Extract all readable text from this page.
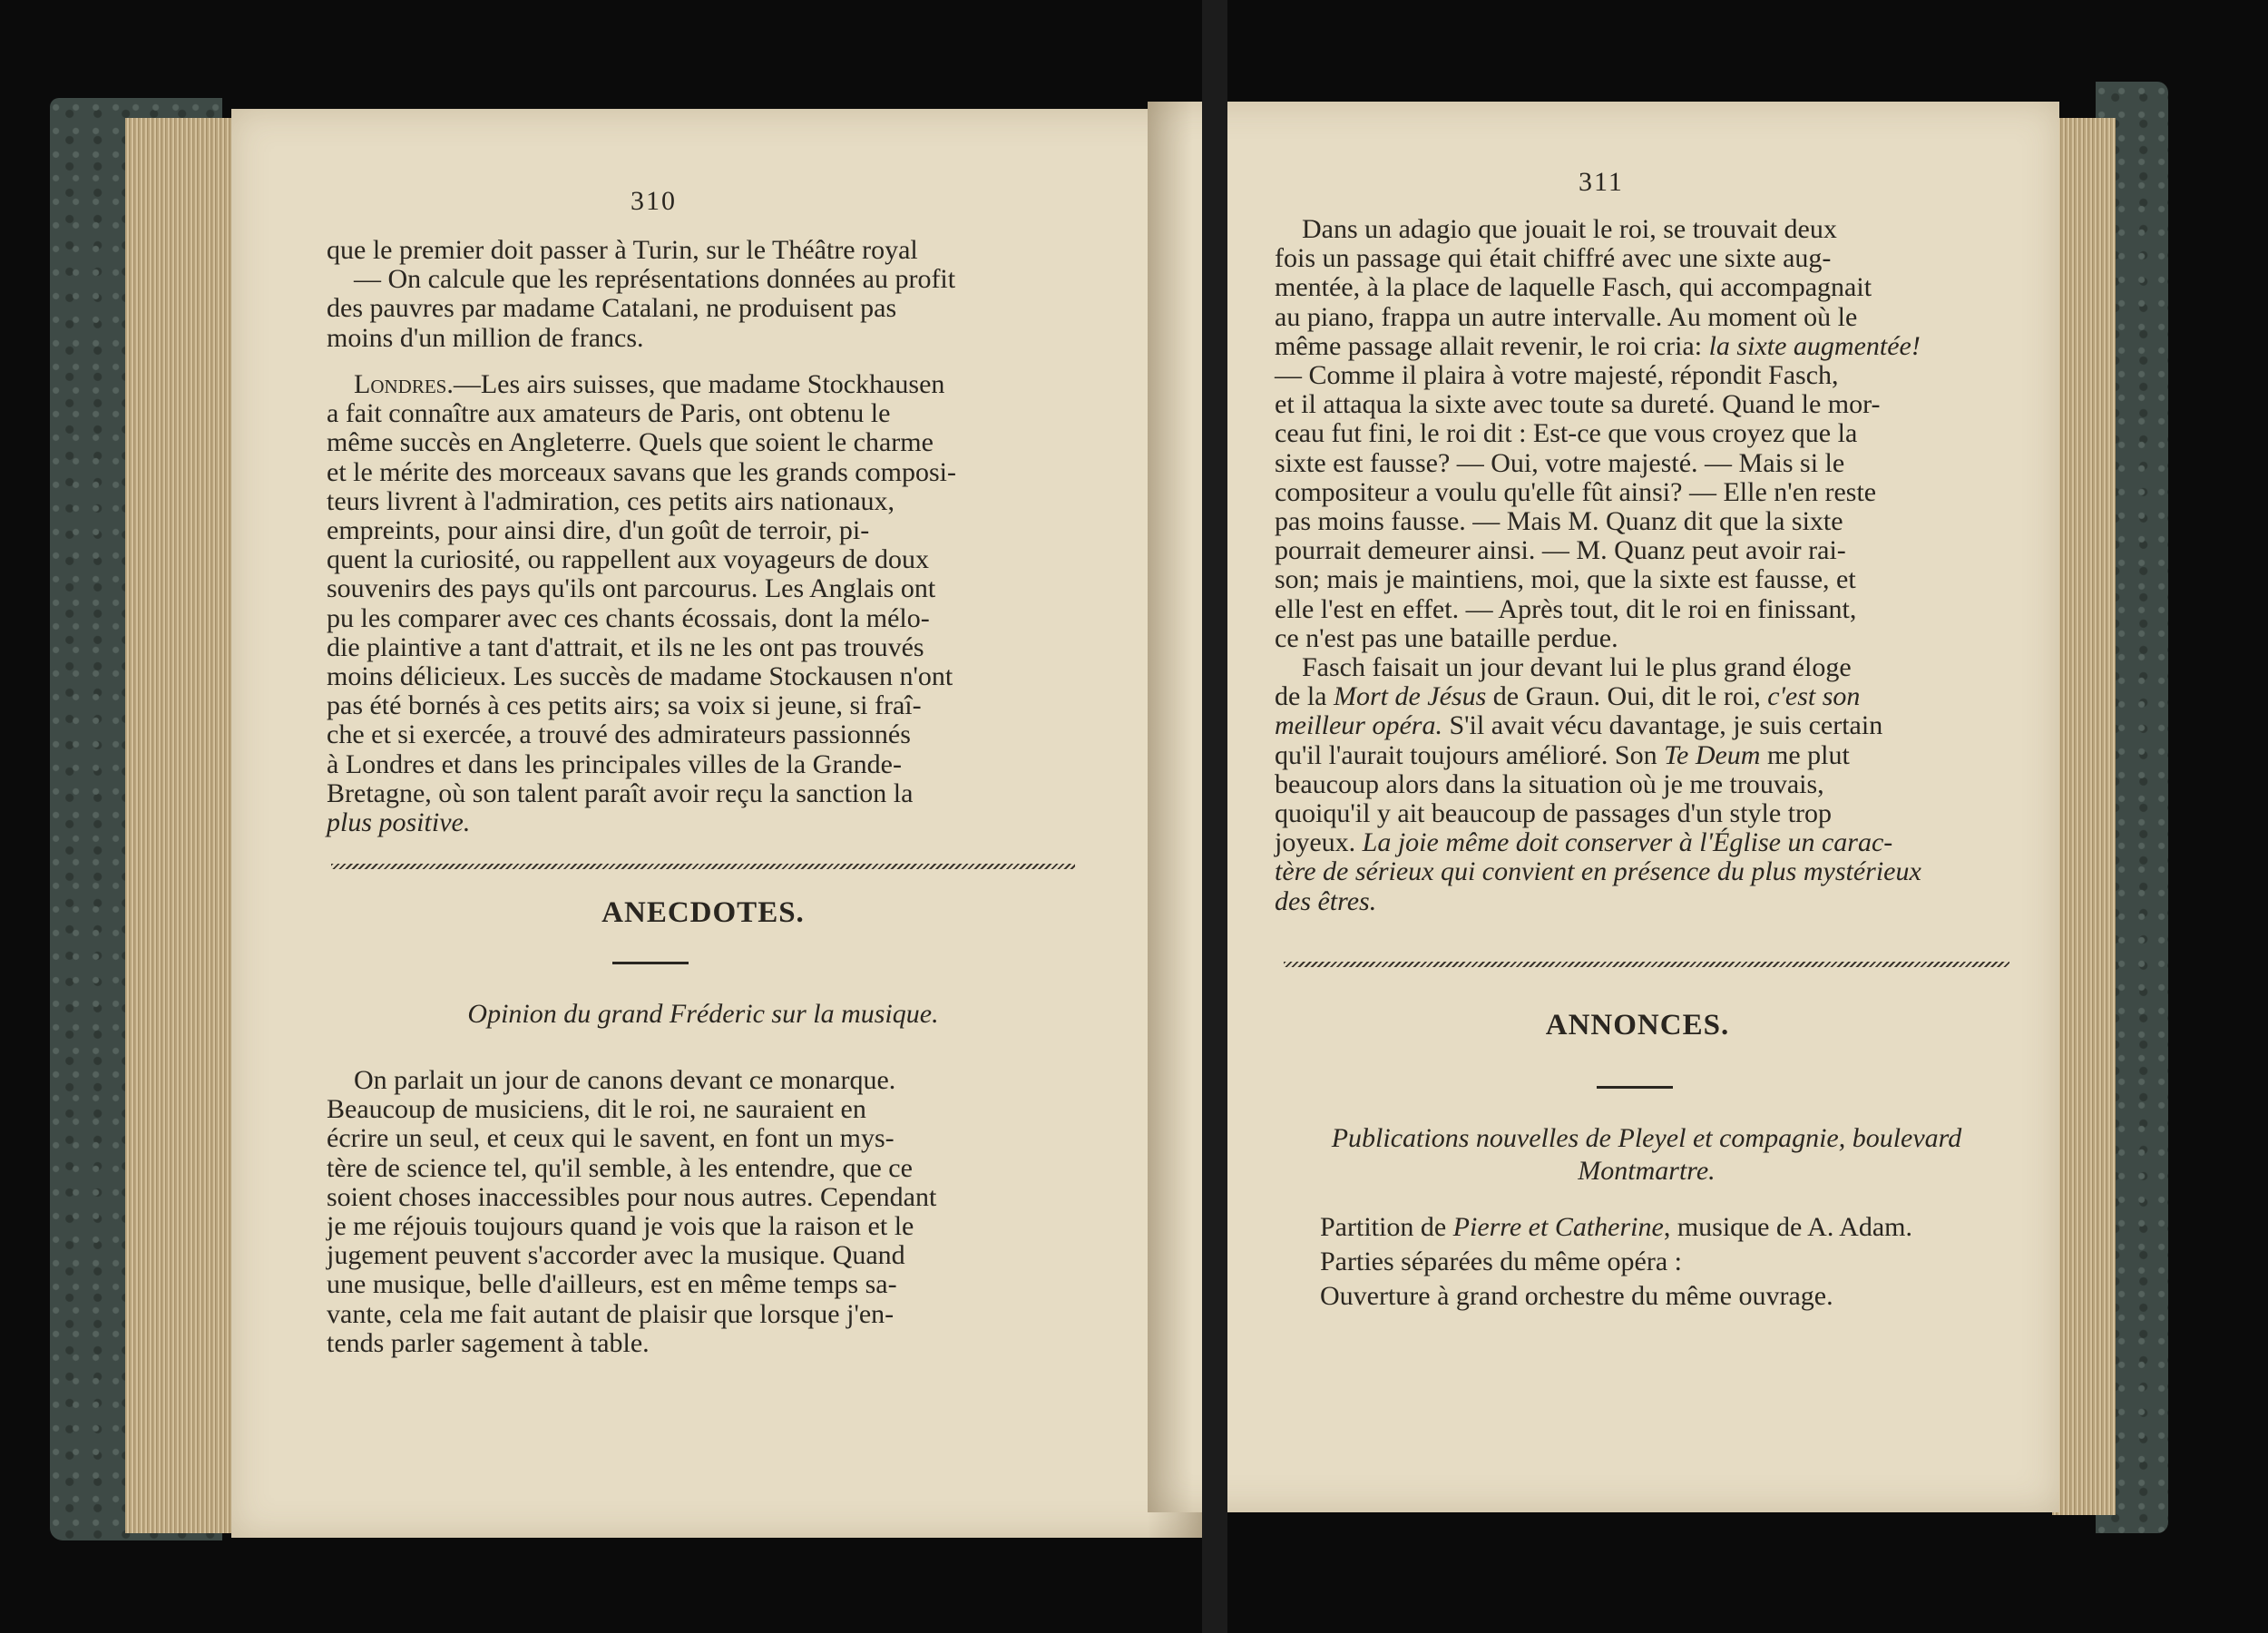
310
que le premier doit passer à Turin, sur le Théâtre royal
— On calcule que les représentations données au profit
des pauvres par madame Catalani, ne produisent pas
moins d'un million de francs.
Londres.—Les airs suisses, que madame Stockhausen
a fait connaître aux amateurs de Paris, ont obtenu le
même succès en Angleterre. Quels que soient le charme
et le mérite des morceaux savans que les grands composi-
teurs livrent à l'admiration, ces petits airs nationaux,
empreints, pour ainsi dire, d'un goût de terroir, pi-
quent la curiosité, ou rappellent aux voyageurs de doux
souvenirs des pays qu'ils ont parcourus. Les Anglais ont
pu les comparer avec ces chants écossais, dont la mélo-
die plaintive a tant d'attrait, et ils ne les ont pas trouvés
moins délicieux. Les succès de madame Stockausen n'ont
pas été bornés à ces petits airs; sa voix si jeune, si fraî-
che et si exercée, a trouvé des admirateurs passionnés
à Londres et dans les principales villes de la Grande-
Bretagne, où son talent paraît avoir reçu la sanction la
plus positive.
ANECDOTES.
Opinion du grand Fréderic sur la musique.
On parlait un jour de canons devant ce monarque.
Beaucoup de musiciens, dit le roi, ne sauraient en
écrire un seul, et ceux qui le savent, en font un mys-
tère de science tel, qu'il semble, à les entendre, que ce
soient choses inaccessibles pour nous autres. Cependant
je me réjouis toujours quand je vois que la raison et le
jugement peuvent s'accorder avec la musique. Quand
une musique, belle d'ailleurs, est en même temps sa-
vante, cela me fait autant de plaisir que lorsque j'en-
tends parler sagement à table.
311
Dans un adagio que jouait le roi, se trouvait deux
fois un passage qui était chiffré avec une sixte aug-
mentée, à la place de laquelle Fasch, qui accompagnait
au piano, frappa un autre intervalle. Au moment où le
même passage allait revenir, le roi cria: la sixte augmentée!
— Comme il plaira à votre majesté, répondit Fasch,
et il attaqua la sixte avec toute sa dureté. Quand le mor-
ceau fut fini, le roi dit : Est-ce que vous croyez que la
sixte est fausse? — Oui, votre majesté. — Mais si le
compositeur a voulu qu'elle fût ainsi? — Elle n'en reste
pas moins fausse. — Mais M. Quanz dit que la sixte
pourrait demeurer ainsi. — M. Quanz peut avoir rai-
son; mais je maintiens, moi, que la sixte est fausse, et
elle l'est en effet. — Après tout, dit le roi en finissant,
ce n'est pas une bataille perdue.
Fasch faisait un jour devant lui le plus grand éloge
de la Mort de Jésus de Graun. Oui, dit le roi, c'est son
meilleur opéra. S'il avait vécu davantage, je suis certain
qu'il l'aurait toujours amélioré. Son Te Deum me plut
beaucoup alors dans la situation où je me trouvais,
quoiqu'il y ait beaucoup de passages d'un style trop
joyeux. La joie même doit conserver à l'Église un carac-
tère de sérieux qui convient en présence du plus mystérieux
des êtres.
ANNONCES.
Publications nouvelles de Pleyel et compagnie, boulevard
Montmartre.
Partition de Pierre et Catherine, musique de A. Adam.
Parties séparées du même opéra :
Ouverture à grand orchestre du même ouvrage.
